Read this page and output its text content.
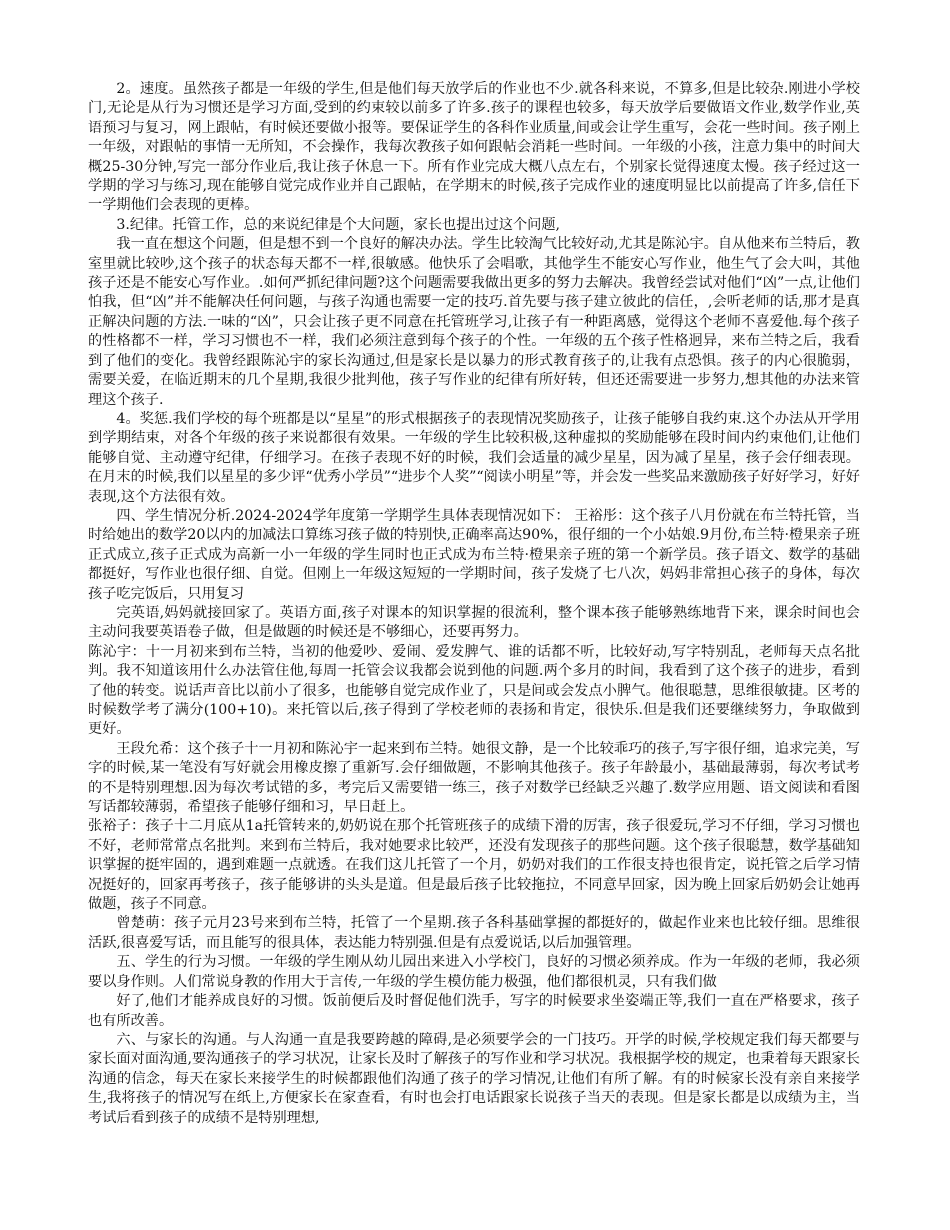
2。速度。虽然孩子都是一年级的学生,但是他们每天放学后的作业也不少.就各科来说，不算多,但是比较杂.刚进小学校门,无论是从行为习惯还是学习方面,受到的约束较以前多了许多.孩子的课程也较多，每天放学后要做语文作业,数学作业,英语预习与复习，网上跟帖，有时候还要做小报等。要保证学生的各科作业质量,间或会让学生重写，会花一些时间。孩子刚上一年级，对跟帖的事情一无所知，不会操作，我每次教孩子如何跟帖会消耗一些时间。一年级的小孩，注意力集中的时间大概25-30分钟,写完一部分作业后,我让孩子休息一下。所有作业完成大概八点左右，个别家长觉得速度太慢。孩子经过这一学期的学习与练习,现在能够自觉完成作业并自己跟帖，在学期末的时候,孩子完成作业的速度明显比以前提高了许多,信任下一学期他们会表现的更棒。

3.纪律。托管工作，总的来说纪律是个大问题，家长也提出过这个问题,

我一直在想这个问题，但是想不到一个良好的解决办法。学生比较淘气比较好动,尤其是陈沁宇。自从他来布兰特后，教室里就比较吵,这个孩子的状态每天都不一样,很敏感。他快乐了会唱歌，其他学生不能安心写作业，他生气了会大叫，其他孩子还是不能安心写作业。.如何严抓纪律问题?这个问题需要我做出更多的努力去解决。我曾经尝试对他们“凶”一点,让他们怕我，但“凶”并不能解决任何问题，与孩子沟通也需要一定的技巧.首先要与孩子建立彼此的信任，,会听老师的话,那才是真正解决问题的方法.一味的“凶”，只会让孩子更不同意在托管班学习,让孩子有一种距离感，觉得这个老师不喜爱他.每个孩子的性格都不一样，学习习惯也不一样，我们必须注意到每个孩子的个性。一年级的五个孩子性格迥异，来布兰特之后，我看到了他们的变化。我曾经跟陈沁宇的家长沟通过,但是家长是以暴力的形式教育孩子的,让我有点恐惧。孩子的内心很脆弱，需要关爱，在临近期末的几个星期,我很少批判他，孩子写作业的纪律有所好转，但还还需要进一步努力,想其他的办法来管理这个孩子.

4。奖惩.我们学校的每个班都是以“星星”的形式根据孩子的表现情况奖励孩子，让孩子能够自我约束.这个办法从开学用到学期结束，对各个年级的孩子来说都很有效果。一年级的学生比较积极,这种虚拟的奖励能够在段时间内约束他们,让他们能够自觉、主动遵守纪律，仔细学习。在孩子表现不好的时候，我们会适量的减少星星，因为减了星星，孩子会仔细表现。在月末的时候,我们以星星的多少评“优秀小学员”“进步个人奖”“阅读小明星”等，并会发一些奖品来激励孩子好好学习，好好表现,这个方法很有效。

四、学生情况分析.2024-2024学年度第一学期学生具体表现情况如下： 王裕彤：这个孩子八月份就在布兰特托管，当时给她出的数学20以内的加减法口算练习孩子做的特别快,正确率高达90%，很仔细的一个小姑娘.9月份,布兰特·橙果亲子班正式成立,孩子正式成为高新一小一年级的学生同时也正式成为布兰特·橙果亲子班的第一个新学员。孩子语文、数学的基础都挺好，写作业也很仔细、自觉。但刚上一年级这短短的一学期时间，孩子发烧了七八次，妈妈非常担心孩子的身体，每次孩子吃完饭后，只用复习

完英语,妈妈就接回家了。英语方面,孩子对课本的知识掌握的很流利，整个课本孩子能够熟练地背下来，课余时间也会主动问我要英语卷子做，但是做题的时候还是不够细心，还要再努力。

陈沁宇：十一月初来到布兰特，当初的他爱吵、爱闹、爱发脾气、谁的话都不听，比较好动,写字特别乱，老师每天点名批判。我不知道该用什么办法管住他,每周一托管会议我都会说到他的问题.两个多月的时间，我看到了这个孩子的进步，看到了他的转变。说话声音比以前小了很多，也能够自觉完成作业了，只是间或会发点小脾气。他很聪慧，思维很敏捷。区考的时候数学考了满分(100+10)。来托管以后,孩子得到了学校老师的表扬和肯定，很快乐.但是我们还要继续努力，争取做到更好。

王段允希：这个孩子十一月初和陈沁宇一起来到布兰特。她很文静，是一个比较乖巧的孩子,写字很仔细，追求完美，写字的时候,某一笔没有写好就会用橡皮擦了重新写.会仔细做题，不影响其他孩子。孩子年龄最小，基础最薄弱，每次考试考的不是特别理想.因为每次考试错的多，考完后又需要错一练三，孩子对数学已经缺乏兴趣了.数学应用题、语文阅读和看图写话都较薄弱，希望孩子能够仔细和习，早日赶上。

张裕子：孩子十二月底从1a托管转来的,奶奶说在那个托管班孩子的成绩下滑的厉害，孩子很爱玩,学习不仔细，学习习惯也不好，老师常常点名批判。来到布兰特后，我对她要求比较严，还没有发现孩子的那些问题。这个孩子很聪慧，数学基础知识掌握的挺牢固的，遇到难题一点就透。在我们这儿托管了一个月，奶奶对我们的工作很支持也很肯定，说托管之后学习情况挺好的，回家再考孩子，孩子能够讲的头头是道。但是最后孩子比较拖拉，不同意早回家，因为晚上回家后奶奶会让她再做题，孩子不同意。

曾楚萌：孩子元月23号来到布兰特，托管了一个星期.孩子各科基础掌握的都挺好的，做起作业来也比较仔细。思维很活跃,很喜爱写话，而且能写的很具体，表达能力特别强.但是有点爱说话,以后加强管理。

五、学生的行为习惯。一年级的学生刚从幼儿园出来进入小学校门，良好的习惯必须养成。作为一年级的老师，我必须要以身作则。人们常说身教的作用大于言传,一年级的学生模仿能力极强，他们都很机灵，只有我们做

好了,他们才能养成良好的习惯。饭前便后及时督促他们洗手，写字的时候要求坐姿端正等,我们一直在严格要求，孩子也有所改善。

六、与家长的沟通。与人沟通一直是我要跨越的障碍,是必须要学会的一门技巧。开学的时候,学校规定我们每天都要与家长面对面沟通,要沟通孩子的学习状况，让家长及时了解孩子的写作业和学习状况。我根据学校的规定，也秉着每天跟家长沟通的信念，每天在家长来接学生的时候都跟他们沟通了孩子的学习情况,让他们有所了解。有的时候家长没有亲自来接学生,我将孩子的情况写在纸上,方便家长在家查看，有时也会打电话跟家长说孩子当天的表现。但是家长都是以成绩为主，当考试后看到孩子的成绩不是特别理想,
